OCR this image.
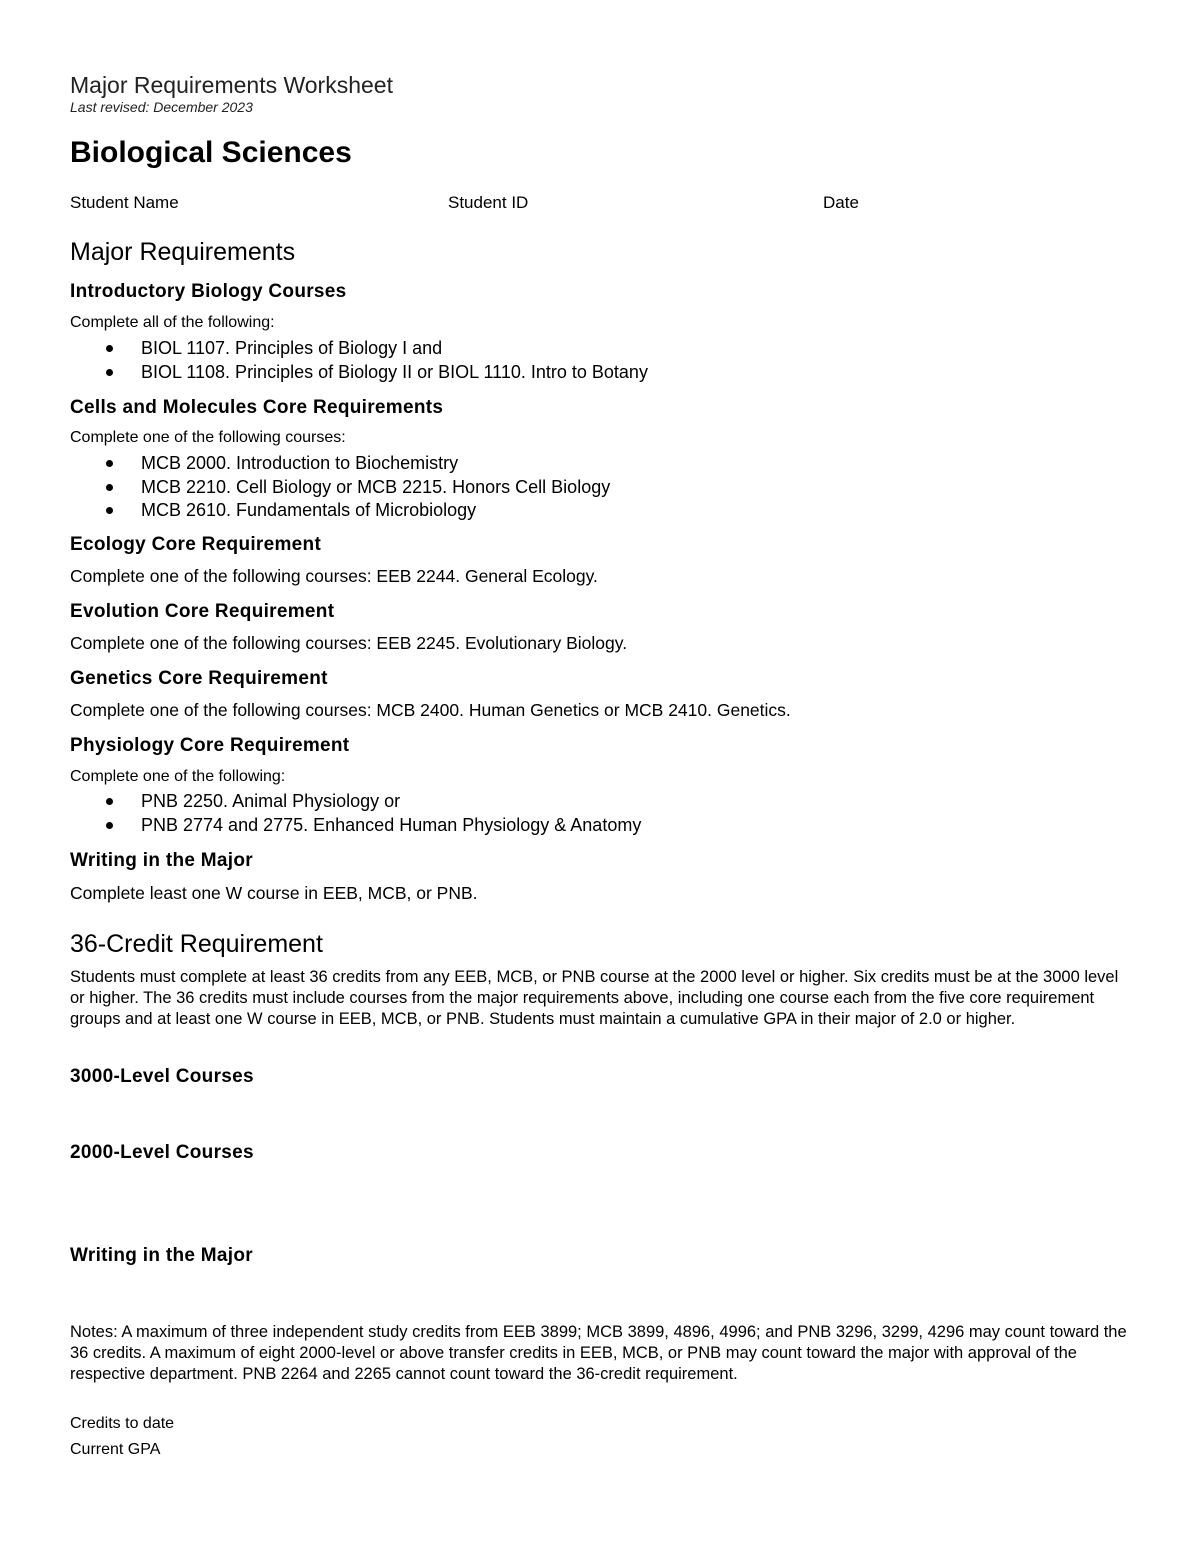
Major Requirements Worksheet
Last revised: December 2023
Biological Sciences
Student Name	Student ID	Date
Major Requirements
Introductory Biology Courses
Complete all of the following:
BIOL 1107. Principles of Biology I and
BIOL 1108. Principles of Biology II or BIOL 1110. Intro to Botany
Cells and Molecules Core Requirements
Complete one of the following courses:
MCB 2000. Introduction to Biochemistry
MCB 2210. Cell Biology or MCB 2215. Honors Cell Biology
MCB 2610. Fundamentals of Microbiology
Ecology Core Requirement
Complete one of the following courses: EEB 2244. General Ecology.
Evolution Core Requirement
Complete one of the following courses: EEB 2245. Evolutionary Biology.
Genetics Core Requirement
Complete one of the following courses: MCB 2400. Human Genetics or MCB 2410. Genetics.
Physiology Core Requirement
Complete one of the following:
PNB 2250. Animal Physiology or
PNB 2774 and 2775. Enhanced Human Physiology & Anatomy
Writing in the Major
Complete least one W course in EEB, MCB, or PNB.
36-Credit Requirement
Students must complete at least 36 credits from any EEB, MCB, or PNB course at the 2000 level or higher. Six credits must be at the 3000 level or higher. The 36 credits must include courses from the major requirements above, including one course each from the five core requirement groups and at least one W course in EEB, MCB, or PNB. Students must maintain a cumulative GPA in their major of 2.0 or higher.
3000-Level Courses
2000-Level Courses
Writing in the Major
Notes: A maximum of three independent study credits from EEB 3899; MCB 3899, 4896, 4996; and PNB 3296, 3299, 4296 may count toward the 36 credits. A maximum of eight 2000-level or above transfer credits in EEB, MCB, or PNB may count toward the major with approval of the respective department. PNB 2264 and 2265 cannot count toward the 36-credit requirement.
Credits to date
Current GPA
